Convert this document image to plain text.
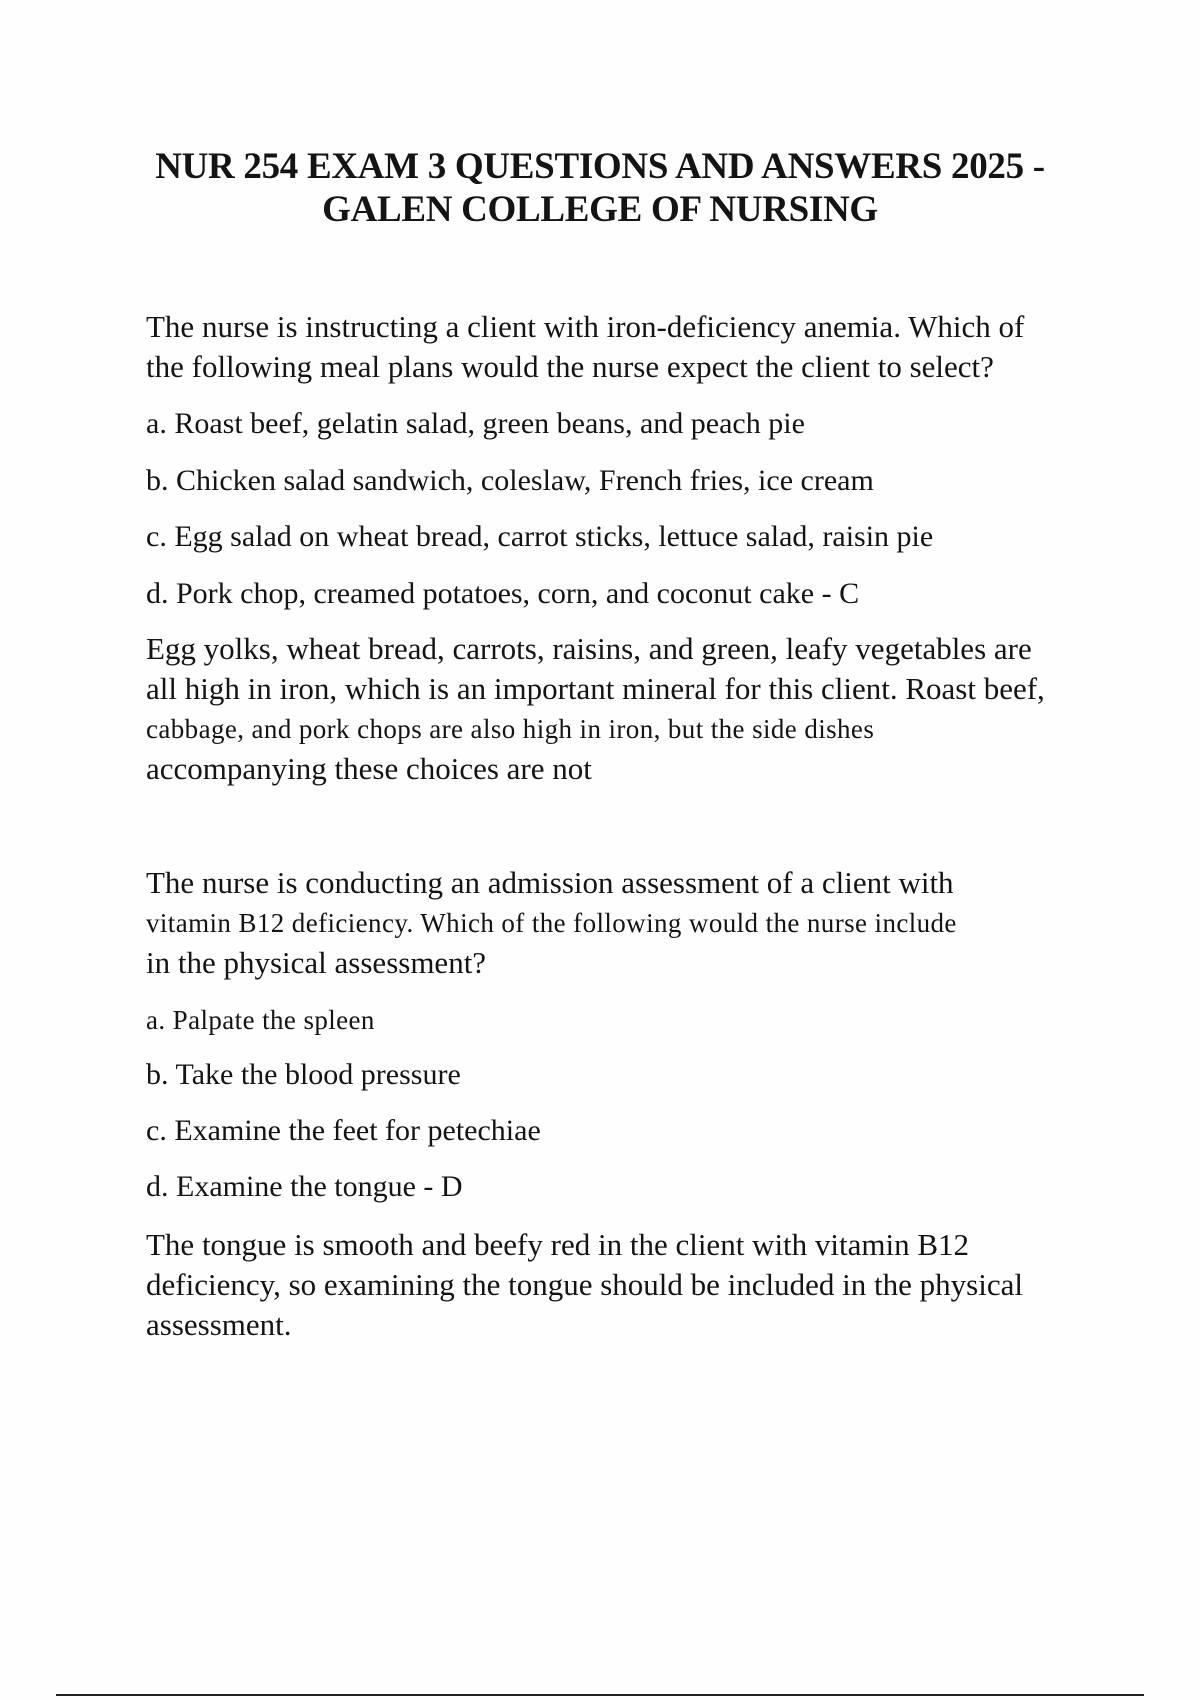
NUR 254 EXAM 3 QUESTIONS AND ANSWERS 2025 -
GALEN COLLEGE OF NURSING

The nurse is instructing a client with iron-deficiency anemia. Which of

the following meal plans would the nurse expect the client to select?

a. Roast beef, gelatin salad, green beans, and peach pie

b. Chicken salad sandwich, coleslaw, French fries, ice cream

c. Egg salad on wheat bread, carrot sticks, lettuce salad, raisin pie

d. Pork chop, creamed potatoes, corn, and coconut cake - C

Egg yolks, wheat bread, carrots, raisins, and green, leafy vegetables are

all high in iron, which is an important mineral for this client. Roast beef,

cabbage, and pork chops are also high in iron, but the side dishes

accompanying these choices are not

The nurse is conducting an admission assessment of a client with

vitamin B12 deficiency. Which of the following would the nurse include

in the physical assessment?

a. Palpate the spleen

b. Take the blood pressure

c. Examine the feet for petechiae

d. Examine the tongue - D

The tongue is smooth and beefy red in the client with vitamin B12

deficiency, so examining the tongue should be included in the physical

assessment.
